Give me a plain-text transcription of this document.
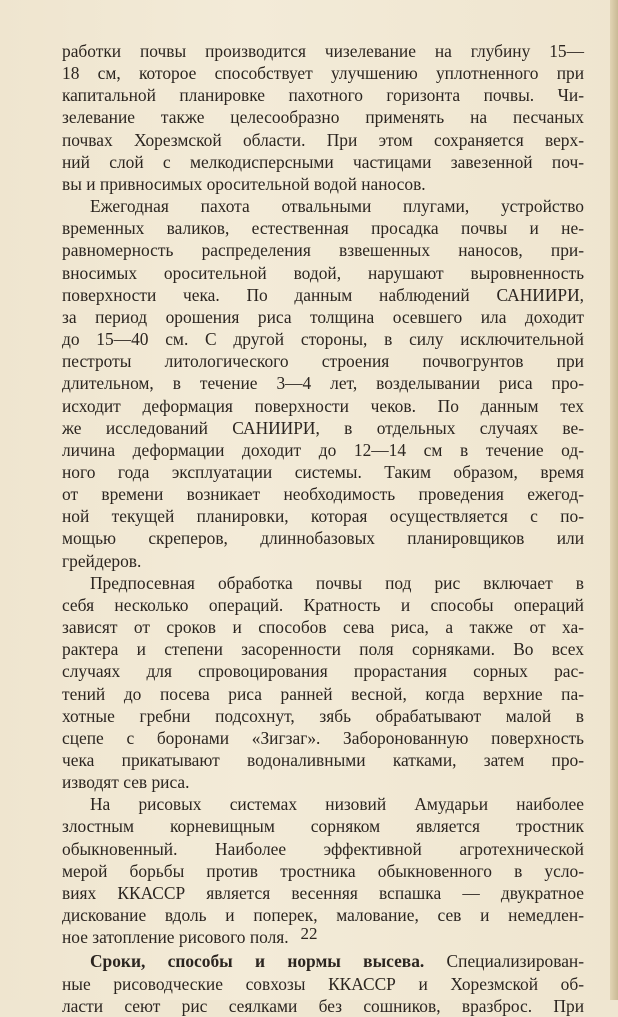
работки почвы производится чизелевание на глубину 15—
18 см, которое способствует улучшению уплотненного при
капитальной планировке пахотного горизонта почвы. Чи-
зелевание также целесообразно применять на песчаных
почвах Хорезмской области. При этом сохраняется верх-
ний слой с мелкодисперсными частицами завезенной поч-
вы и привносимых оросительной водой наносов.
Ежегодная пахота отвальными плугами, устройство
временных валиков, естественная просадка почвы и не-
равномерность распределения взвешенных наносов, при-
вносимых оросительной водой, нарушают выровненность
поверхности чека. По данным наблюдений САНИИРИ,
за период орошения риса толщина осевшего ила доходит
до 15—40 см. С другой стороны, в силу исключительной
пестроты литологического строения почвогрунтов при
длительном, в течение 3—4 лет, возделывании риса про-
исходит деформация поверхности чеков. По данным тех
же исследований САНИИРИ, в отдельных случаях ве-
личина деформации доходит до 12—14 см в течение од-
ного года эксплуатации системы. Таким образом, время
от времени возникает необходимость проведения ежегод-
ной текущей планировки, которая осуществляется с по-
мощью скреперов, длиннобазовых планировщиков или
грейдеров.
Предпосевная обработка почвы под рис включает в
себя несколько операций. Кратность и способы операций
зависят от сроков и способов сева риса, а также от ха-
рактера и степени засоренности поля сорняками. Во всех
случаях для спровоцирования прорастания сорных рас-
тений до посева риса ранней весной, когда верхние па-
хотные гребни подсохнут, зябь обрабатывают малой в
сцепе с боронами «Зигзаг». Заборонованную поверхность
чека прикатывают водоналивными катками, затем про-
изводят сев риса.
На рисовых системах низовий Амударьи наиболее
злостным корневищным сорняком является тростник
обыкновенный. Наиболее эффективной агротехнической
мерой борьбы против тростника обыкновенного в усло-
виях ККАССР является весенняя вспашка — двукратное
дискование вдоль и поперек, малование, сев и немедлен-
ное затопление рисового поля.
Сроки, способы и нормы высева. Специализирован-
ные рисоводческие совхозы ККАССР и Хорезмской об-
ласти сеют рис сеялками без сошников, вразброс. При
22
